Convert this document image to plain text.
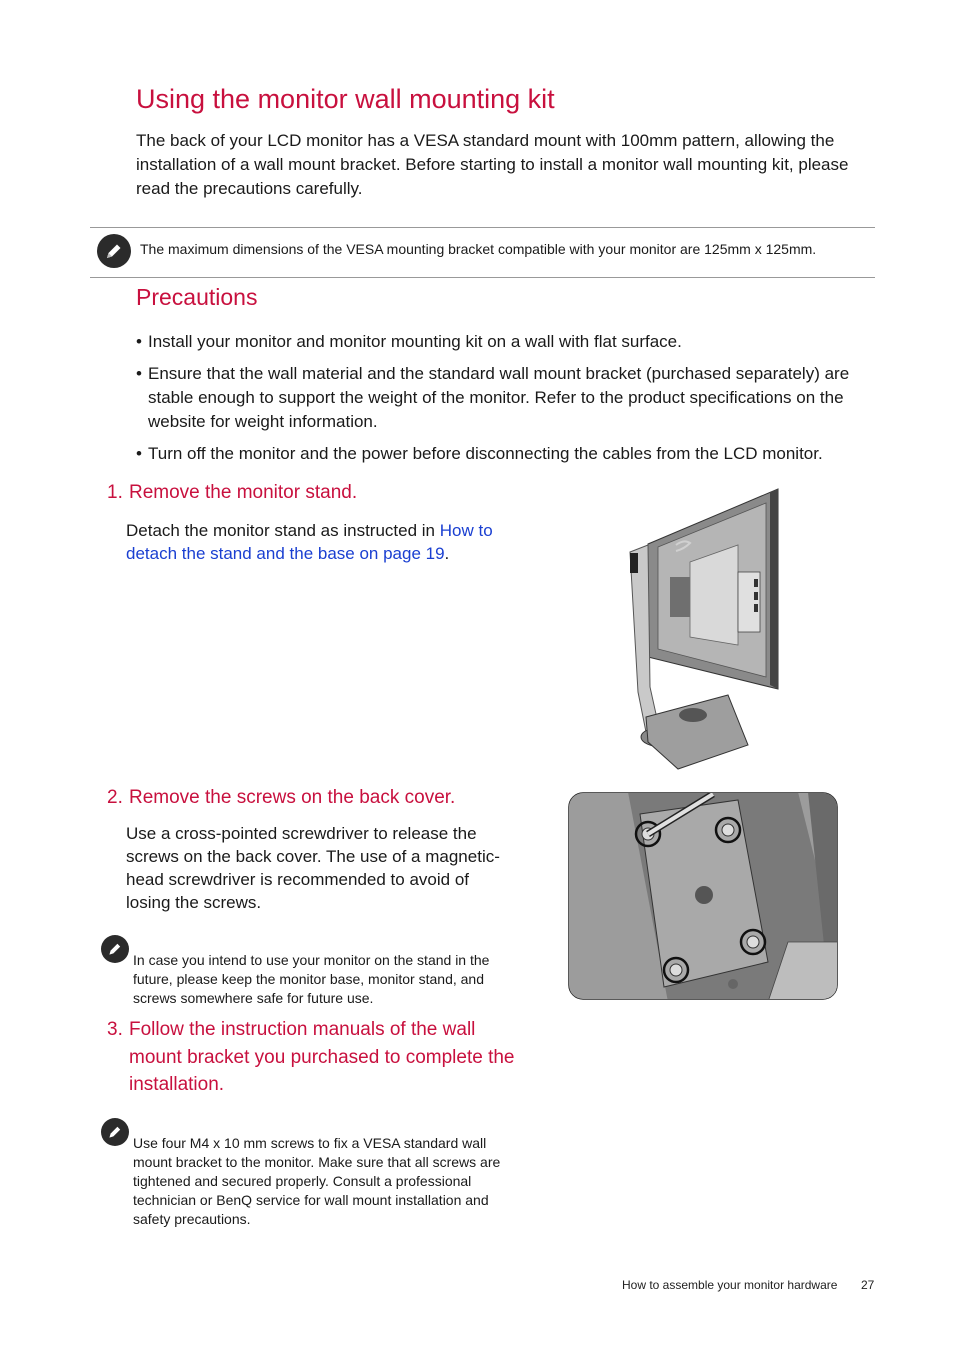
Using the monitor wall mounting kit

The back of your LCD monitor has a VESA standard mount with 100mm pattern, allowing the installation of a wall mount bracket. Before starting to install a monitor wall mounting kit, please read the precautions carefully.

The maximum dimensions of the VESA mounting bracket compatible with your monitor are 125mm x 125mm.

Precautions
• Install your monitor and monitor mounting kit on a wall with flat surface.
• Ensure that the wall material and the standard wall mount bracket (purchased separately) are stable enough to support the weight of the monitor. Refer to the product specifications on the website for weight information.
• Turn off the monitor and the power before disconnecting the cables from the LCD monitor.
1. Remove the monitor stand.

Detach the monitor stand as instructed in How to detach the stand and the base on page 19.

2. Remove the screws on the back cover.

Use a cross-pointed screwdriver to release the screws on the back cover. The use of a magnetic-head screwdriver is recommended to avoid of losing the screws.

In case you intend to use your monitor on the stand in the future, please keep the monitor base, monitor stand, and screws somewhere safe for future use.

3. Follow the instruction manuals of the wall mount bracket you purchased to complete the installation.

Use four M4 x 10 mm screws to fix a VESA standard wall mount bracket to the monitor. Make sure that all screws are tightened and secured properly. Consult a professional technician or BenQ service for wall mount installation and safety precautions.

How to assemble your monitor hardware 27
